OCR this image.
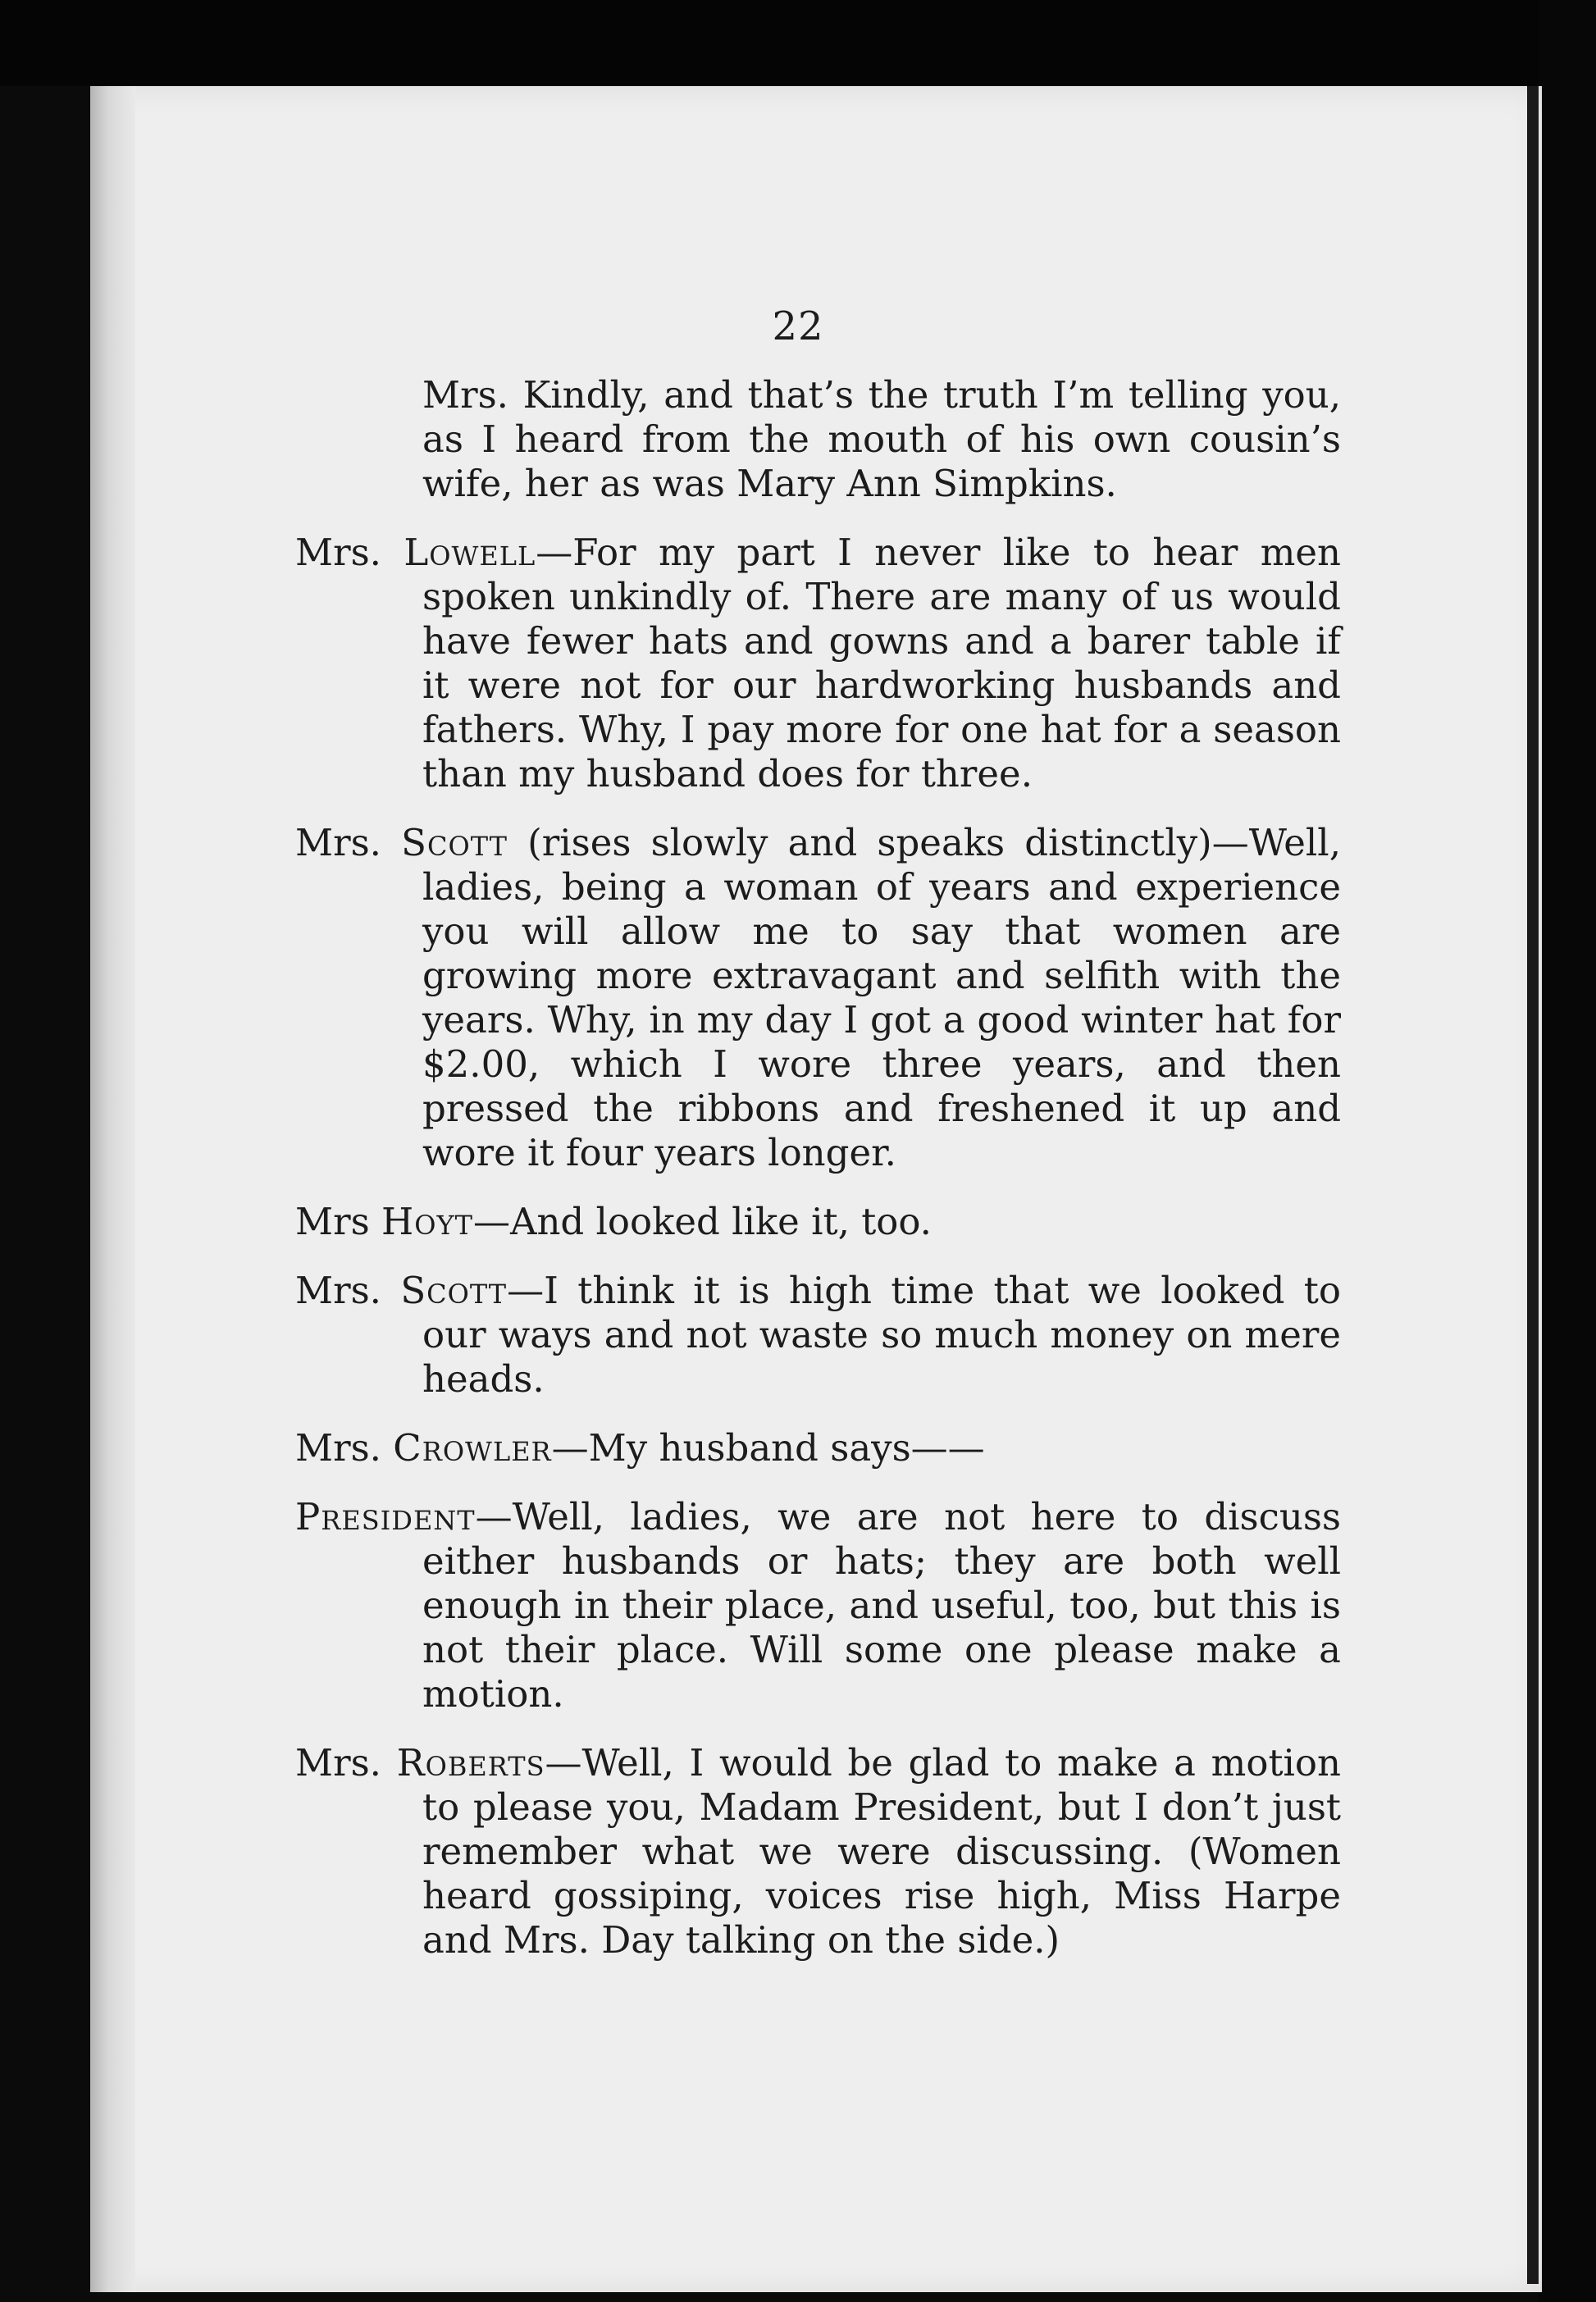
22

Mrs. Kindly, and that’s the truth I’m telling you, as I heard from the mouth of his own cousin’s wife, her as was Mary Ann Simpkins.

Mrs. Lowell—For my part I never like to hear men spoken unkindly of. There are many of us would have fewer hats and gowns and a barer table if it were not for our hardworking husbands and fathers. Why, I pay more for one hat for a season than my husband does for three.

Mrs. Scott (rises slowly and speaks distinctly)—Well, ladies, being a woman of years and experience you will allow me to say that women are growing more extravagant and selfith with the years. Why, in my day I got a good winter hat for $2.00, which I wore three years, and then pressed the ribbons and freshened it up and wore it four years longer.

Mrs Hoyt—And looked like it, too.

Mrs. Scott—I think it is high time that we looked to our ways and not waste so much money on mere heads.

Mrs. Crowler—My husband says——

President—Well, ladies, we are not here to discuss either husbands or hats; they are both well enough in their place, and useful, too, but this is not their place. Will some one please make a motion.

Mrs. Roberts—Well, I would be glad to make a motion to please you, Madam President, but I don’t just remember what we were discussing. (Women heard gossiping, voices rise high, Miss Harpe and Mrs. Day talking on the side.)
